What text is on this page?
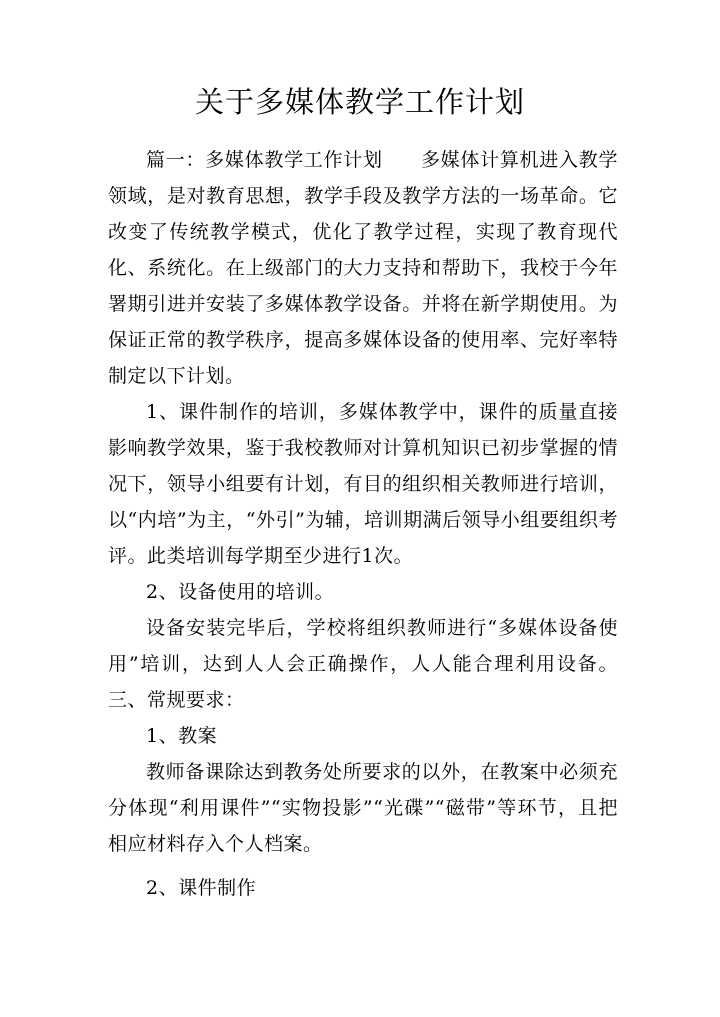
关于多媒体教学工作计划

篇一：多媒体教学工作计划 多媒体计算机进入教学领域，是对教育思想，教学手段及教学方法的一场革命。它改变了传统教学模式，优化了教学过程，实现了教育现代化、系统化。在上级部门的大力支持和帮助下，我校于今年署期引进并安装了多媒体教学设备。并将在新学期使用。为保证正常的教学秩序，提高多媒体设备的使用率、完好率特制定以下计划。

1、课件制作的培训，多媒体教学中，课件的质量直接影响教学效果，鉴于我校教师对计算机知识已初步掌握的情况下，领导小组要有计划，有目的组织相关教师进行培训，以“内培”为主，“外引”为辅，培训期满后领导小组要组织考评。此类培训每学期至少进行1次。

2、设备使用的培训。

设备安装完毕后，学校将组织教师进行“多媒体设备使用”培训，达到人人会正确操作，人人能合理利用设备。三、常规要求：

1、教案

教师备课除达到教务处所要求的以外，在教案中必须充分体现“利用课件”“实物投影”“光碟”“磁带”等环节，且把相应材料存入个人档案。

2、课件制作
